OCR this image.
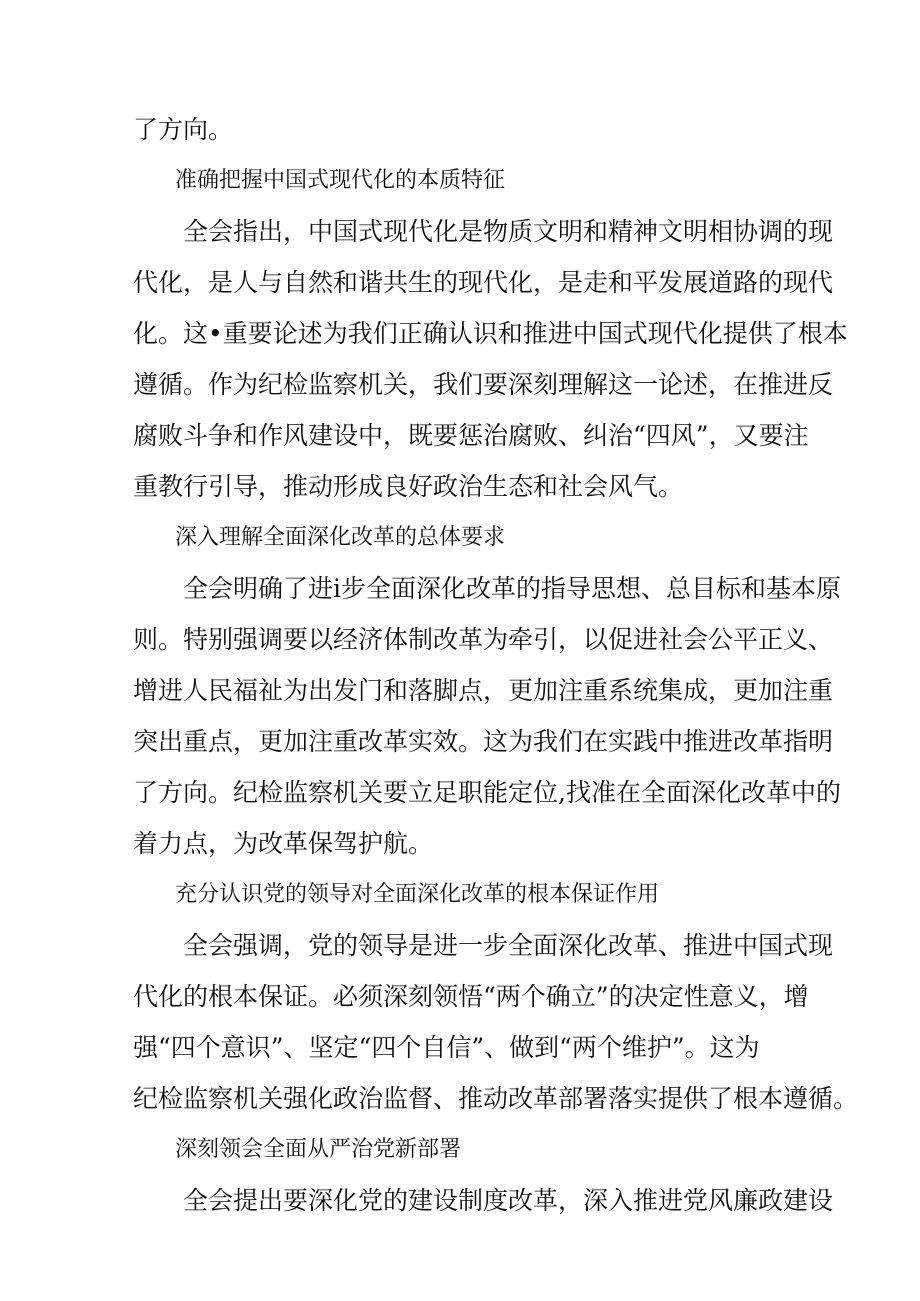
了方向。
准确把握中国式现代化的本质特征
全会指出，中国式现代化是物质文明和精神文明相协调的现
代化，是人与自然和谐共生的现代化，是走和平发展道路的现代
化。这•重要论述为我们正确认识和推进中国式现代化提供了根本
遵循。作为纪检监察机关，我们要深刻理解这一论述，在推进反
腐败斗争和作风建设中，既要惩治腐败、纠治“四风”，又要注
重教行引导，推动形成良好政治生态和社会风气。
深入理解全面深化改革的总体要求
全会明确了进i步全面深化改革的指导思想、总目标和基本原
则。特别强调要以经济体制改革为牵引，以促进社会公平正义、
增进人民福祉为出发门和落脚点，更加注重系统集成，更加注重
突出重点，更加注重改革实效。这为我们在实践中推进改革指明
了方向。纪检监察机关要立足职能定位,找准在全面深化改革中的
着力点，为改革保驾护航。
充分认识党的领导对全面深化改革的根本保证作用
全会强调，党的领导是进一步全面深化改革、推进中国式现
代化的根本保证。必须深刻领悟“两个确立”的决定性意义，增
强“四个意识”、坚定“四个自信”、做到“两个维护”。这为
纪检监察机关强化政治监督、推动改革部署落实提供了根本遵循。
深刻领会全面从严治党新部署
全会提出要深化党的建设制度改革，深入推进党风廉政建设
